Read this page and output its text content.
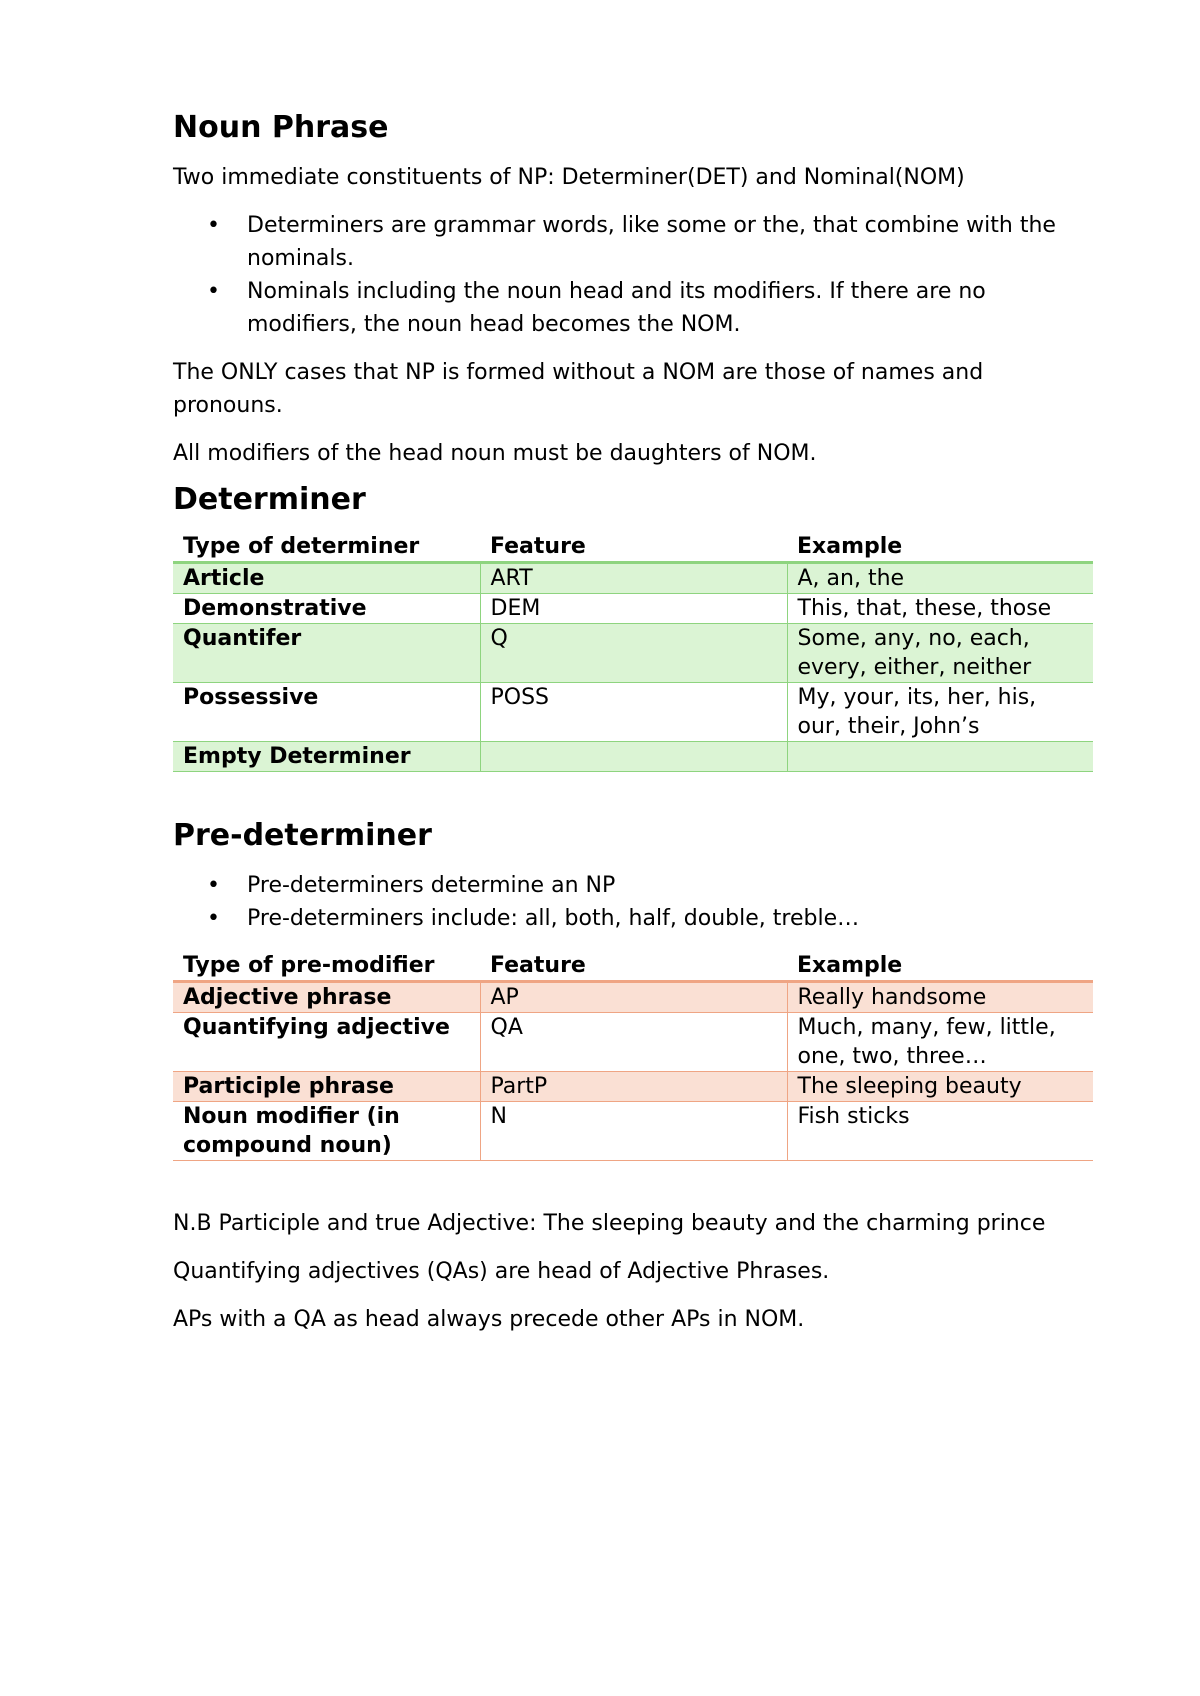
Noun Phrase

Two immediate constituents of NP: Determiner(DET) and Nominal(NOM)

• Determiners are grammar words, like some or the, that combine with the nominals.
• Nominals including the noun head and its modifiers. If there are no modifiers, the noun head becomes the NOM.

The ONLY cases that NP is formed without a NOM are those of names and pronouns.

All modifiers of the head noun must be daughters of NOM.

Determiner
Type of determiner	Feature	Example
Article	ART	A, an, the
Demonstrative	DEM	This, that, these, those
Quantifer	Q	Some, any, no, each, every, either, neither
Possessive	POSS	My, your, its, her, his, our, their, John’s
Empty Determiner		
Pre-determiner
• Pre-determiners determine an NP
• Pre-determiners include: all, both, half, double, treble…
Type of pre-modifier	Feature	Example
Adjective phrase	AP	Really handsome
Quantifying adjective	QA	Much, many, few, little, one, two, three…
Participle phrase	PartP	The sleeping beauty
Noun modifier (in compound noun)	N	Fish sticks

N.B Participle and true Adjective: The sleeping beauty and the charming prince

Quantifying adjectives (QAs) are head of Adjective Phrases.

APs with a QA as head always precede other APs in NOM.
